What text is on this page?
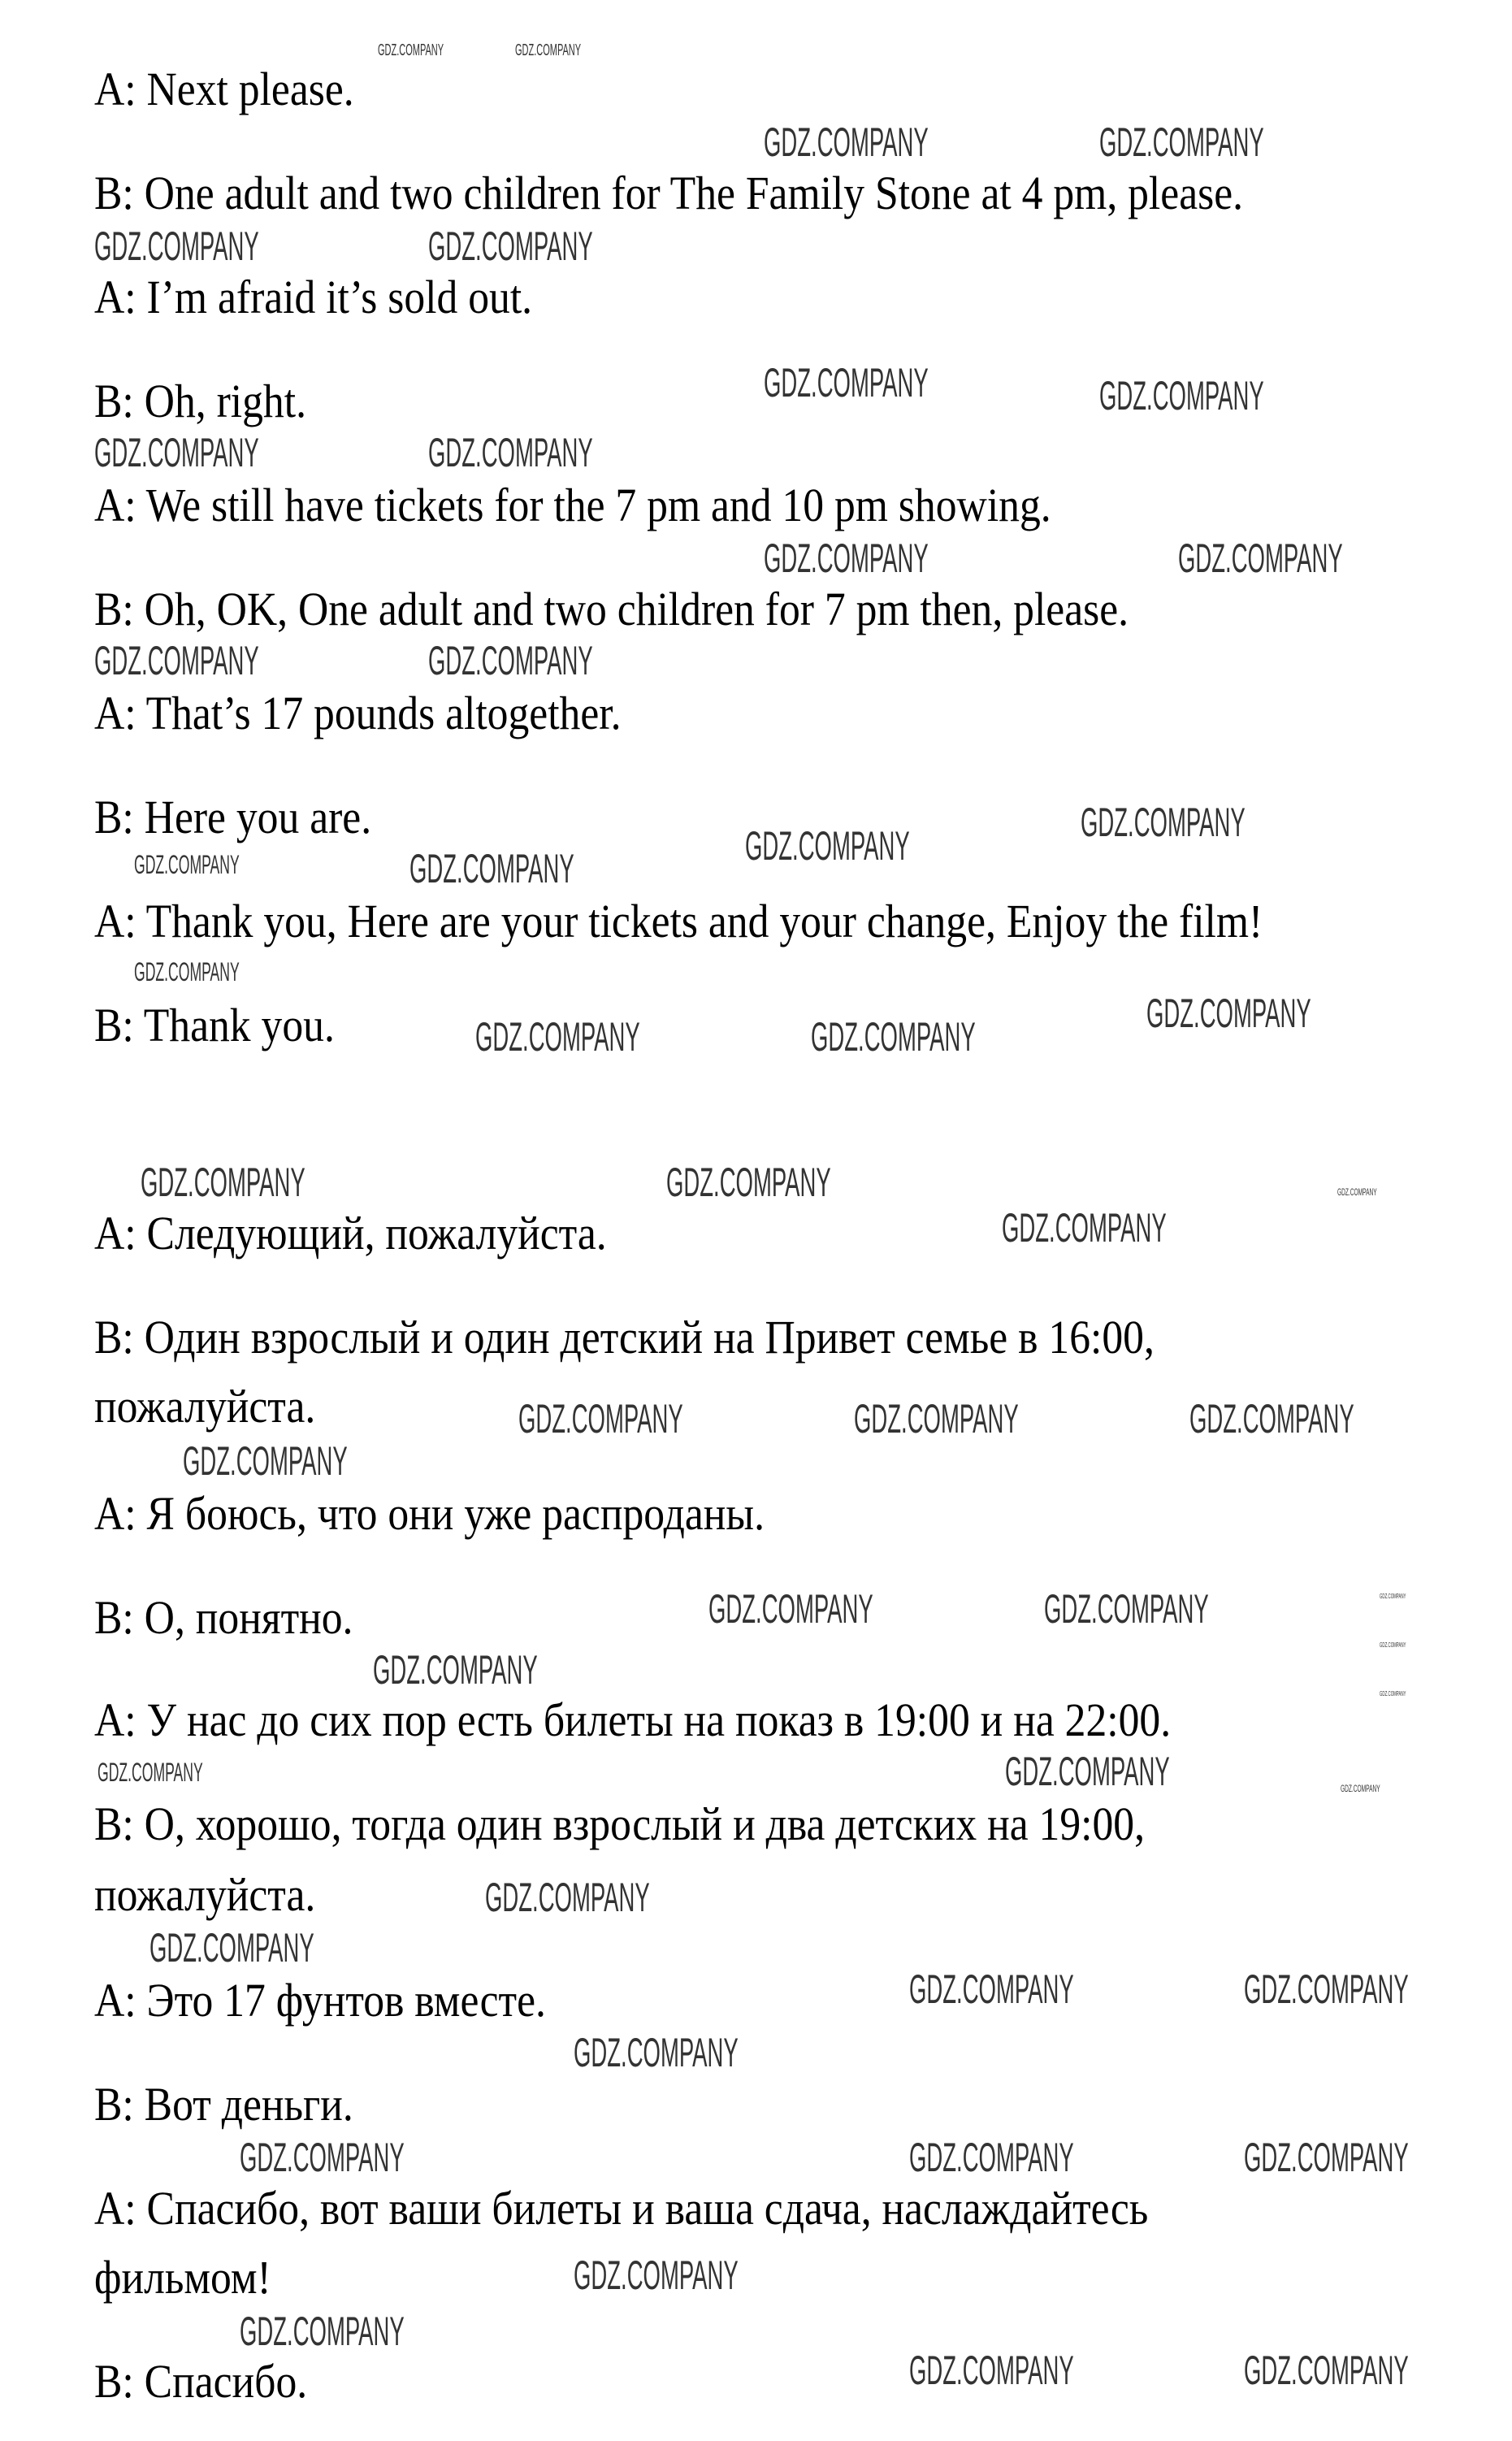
A: Next please.
B: One adult and two children for The Family Stone at 4 pm, please.
A: I’m afraid it’s sold out.
B: Oh, right.
A: We still have tickets for the 7 pm and 10 pm showing.
B: Oh, OK, One adult and two children for 7 pm then, please.
A: That’s 17 pounds altogether.
B: Here you are.
A: Thank you, Here are your tickets and your change, Enjoy the film!
B: Thank you.
A: Следующий, пожалуйста.
B: Один взрослый и один детский на Привет семье в 16:00,
пожалуйста.
A: Я боюсь, что они уже распроданы.
B: О, понятно.
A: У нас до сих пор есть билеты на показ в 19:00 и на 22:00.
B: О, хорошо, тогда один взрослый и два детских на 19:00,
пожалуйста.
A: Это 17 фунтов вместе.
B: Вот деньги.
A: Спасибо, вот ваши билеты и ваша сдача, наслаждайтесь
фильмом!
B: Спасибо.
GDZ.COMPANY	GDZ.COMPANY
GDZ.COMPANY	GDZ.COMPANY
GDZ.COMPANY	GDZ.COMPANY
GDZ.COMPANY	GDZ.COMPANY
GDZ.COMPANY	GDZ.COMPANY
GDZ.COMPANY	GDZ.COMPANY
GDZ.COMPANY	GDZ.COMPANY
GDZ.COMPANY
GDZ.COMPANY	GDZ.COMPANY
GDZ.COMPANY
GDZ.COMPANY	GDZ.COMPANY
GDZ.COMPANY
GDZ.COMPANY	GDZ.COMPANY	GDZ.COMPANY
GDZ.COMPANY
GDZ.COMPANY	GDZ.COMPANY
GDZ.COMPANY
GDZ.COMPANY
GDZ.COMPANY
GDZ.COMPANY
GDZ.COMPANY	GDZ.COMPANY
GDZ.COMPANY
GDZ.COMPANY	GDZ.COMPANY	GDZ.COMPANY
GDZ.COMPANY
GDZ.COMPANY
GDZ.COMPANY	GDZ.COMPANY
GDZ.COMPANY
GDZ.COMPANY
GDZ.COMPANY
GDZ.COMPANY	GDZ.COMPANY
GDZ.COMPANY
GDZ.COMPANY
GDZ.COMPANY
GDZ.COMPANY
GDZ.COMPANY
